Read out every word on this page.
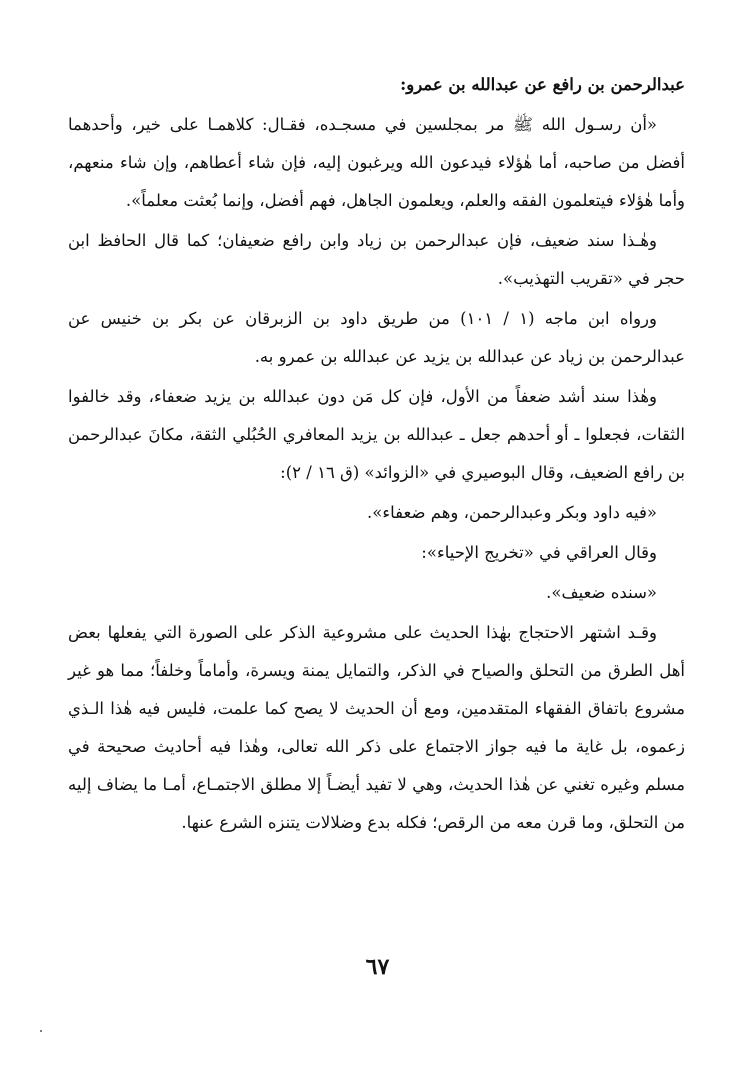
عبدالرحمن بن رافع عن عبدالله بن عمرو:

«أن رسـول الله ﷺ مر بمجلسين في مسجـده، فقـال: كلاهمـا على خير، وأحدهما أفضل من صاحبه، أما هٰؤلاء فيدعون الله ويرغبون إليه، فإن شاء أعطاهم، وإن شاء منعهم، وأما هٰؤلاء فيتعلمون الفقه والعلم، ويعلمون الجاهل، فهم أفضل، وإنما بُعثت معلماً».

وهٰـذا سند ضعيف، فإن عبدالرحمن بن زياد وابن رافع ضعيفان؛ كما قال الحافظ ابن حجر في «تقريب التهذيب».

ورواه ابن ماجه (١ / ١٠١) من طريق داود بن الزبرقان عن بكر بن خنيس عن عبدالرحمن بن زياد عن عبدالله بن يزيد عن عبدالله بن عمرو به.

وهٰذا سند أشد ضعفاً من الأول، فإن كل مَن دون عبدالله بن يزيد ضعفاء، وقد خالفوا الثقات، فجعلوا ـ أو أحدهم جعل ـ عبدالله بن يزيد المعافري الحُبُلي الثقة، مكانَ عبدالرحمن بن رافع الضعيف، وقال البوصيري في «الزوائد» (ق ١٦ / ٢):

«فيه داود وبكر وعبدالرحمن، وهم ضعفاء».

وقال العراقي في «تخريج الإحياء»:

«سنده ضعيف».

وقـد اشتهر الاحتجاج بهٰذا الحديث على مشروعية الذكر على الصورة التي يفعلها بعض أهل الطرق من التحلق والصياح في الذكر، والتمايل يمنة ويسرة، وأماماً وخلفاً؛ مما هو غير مشروع باتفاق الفقهاء المتقدمين، ومع أن الحديث لا يصح كما علمت، فليس فيه هٰذا الـذي زعموه، بل غاية ما فيه جواز الاجتماع على ذكر الله تعالى، وهٰذا فيه أحاديث صحيحة في مسلم وغيره تغني عن هٰذا الحديث، وهي لا تفيد أيضـاً إلا مطلق الاجتمـاع، أمـا ما يضاف إليه من التحلق، وما قرن معه من الرقص؛ فكله بدع وضلالات يتنزه الشرع عنها.

٦٧
